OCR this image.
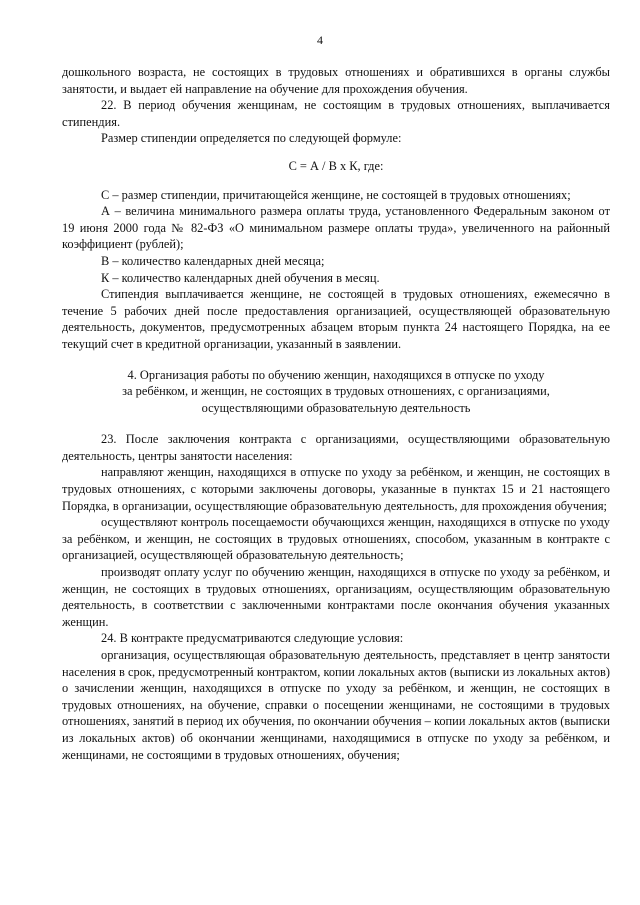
4

дошкольного возраста, не состоящих в трудовых отношениях и обратившихся в органы службы занятости, и выдает ей направление на обучение для прохождения обучения.

22. В период обучения женщинам, не состоящим в трудовых отношениях, выплачивается стипендия.

Размер стипендии определяется по следующей формуле:

С = А / В х К, где:

С – размер стипендии, причитающейся женщине, не состоящей в трудовых отношениях;

А – величина минимального размера оплаты труда, установленного Федеральным законом от 19 июня 2000 года № 82-ФЗ «О минимальном размере оплаты труда», увеличенного на районный коэффициент (рублей);

В – количество календарных дней месяца;

К – количество календарных дней обучения в месяц.

Стипендия выплачивается женщине, не состоящей в трудовых отношениях, ежемесячно в течение 5 рабочих дней после предоставления организацией, осуществляющей образовательную деятельность, документов, предусмотренных абзацем вторым пункта 24 настоящего Порядка, на ее текущий счет в кредитной организации, указанный в заявлении.

4. Организация работы по обучению женщин, находящихся в отпуске по уходу
за ребёнком, и женщин, не состоящих в трудовых отношениях, с организациями,
осуществляющими образовательную деятельность

23. После заключения контракта с организациями, осуществляющими образовательную деятельность, центры занятости населения:

направляют женщин, находящихся в отпуске по уходу за ребёнком, и женщин, не состоящих в трудовых отношениях, с которыми заключены договоры, указанные в пунктах 15 и 21 настоящего Порядка, в организации, осуществляющие образовательную деятельность, для прохождения обучения;

осуществляют контроль посещаемости обучающихся женщин, находящихся в отпуске по уходу за ребёнком, и женщин, не состоящих в трудовых отношениях, способом, указанным в контракте с организацией, осуществляющей образовательную деятельность;

производят оплату услуг по обучению женщин, находящихся в отпуске по уходу за ребёнком, и женщин, не состоящих в трудовых отношениях, организациям, осуществляющим образовательную деятельность, в соответствии с заключенными контрактами после окончания обучения указанных женщин.

24. В контракте предусматриваются следующие условия:

организация, осуществляющая образовательную деятельность, представляет в центр занятости населения в срок, предусмотренный контрактом, копии локальных актов (выписки из локальных актов) о зачислении женщин, находящихся в отпуске по уходу за ребёнком, и женщин, не состоящих в трудовых отношениях, на обучение, справки о посещении женщинами, не состоящими в трудовых отношениях, занятий в период их обучения, по окончании обучения – копии локальных актов (выписки из локальных актов) об окончании женщинами, находящимися в отпуске по уходу за ребёнком, и женщинами, не состоящими в трудовых отношениях, обучения;
